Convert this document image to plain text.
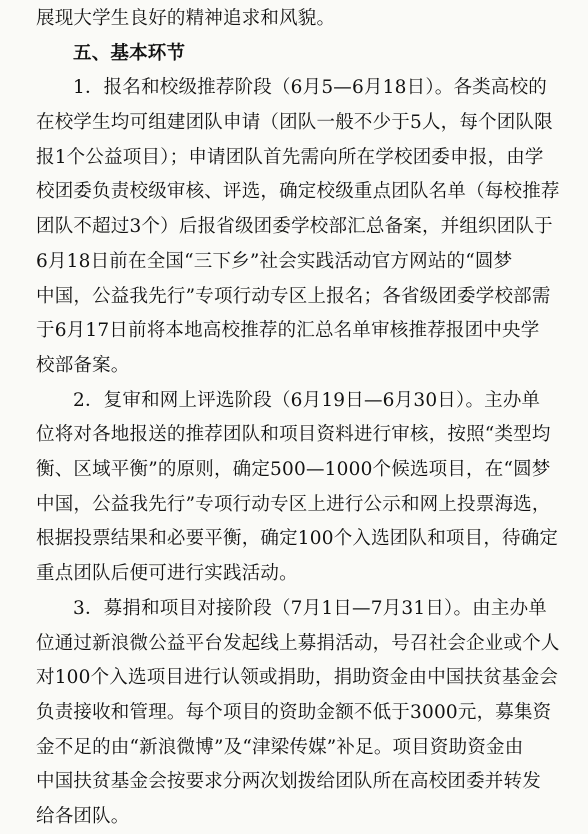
展现大学生良好的精神追求和风貌。
五、基本环节
1．报名和校级推荐阶段（6月5—6月18日）。各类高校的
在校学生均可组建团队申请（团队一般不少于5人，每个团队限
报1个公益项目）；申请团队首先需向所在学校团委申报，由学
校团委负责校级审核、评选，确定校级重点团队名单（每校推荐
团队不超过3个）后报省级团委学校部汇总备案，并组织团队于
6月18日前在全国“三下乡”社会实践活动官方网站的“圆梦
中国，公益我先行”专项行动专区上报名；各省级团委学校部需
于6月17日前将本地高校推荐的汇总名单审核推荐报团中央学
校部备案。
2．复审和网上评选阶段（6月19日—6月30日）。主办单
位将对各地报送的推荐团队和项目资料进行审核，按照“类型均
衡、区域平衡”的原则，确定500—1000个候选项目，在“圆梦
中国，公益我先行”专项行动专区上进行公示和网上投票海选，
根据投票结果和必要平衡，确定100个入选团队和项目，待确定
重点团队后便可进行实践活动。
3．募捐和项目对接阶段（7月1日—7月31日）。由主办单
位通过新浪微公益平台发起线上募捐活动，号召社会企业或个人
对100个入选项目进行认领或捐助，捐助资金由中国扶贫基金会
负责接收和管理。每个项目的资助金额不低于3000元，募集资
金不足的由“新浪微博”及“津梁传媒”补足。项目资助资金由
中国扶贫基金会按要求分两次划拨给团队所在高校团委并转发
给各团队。
